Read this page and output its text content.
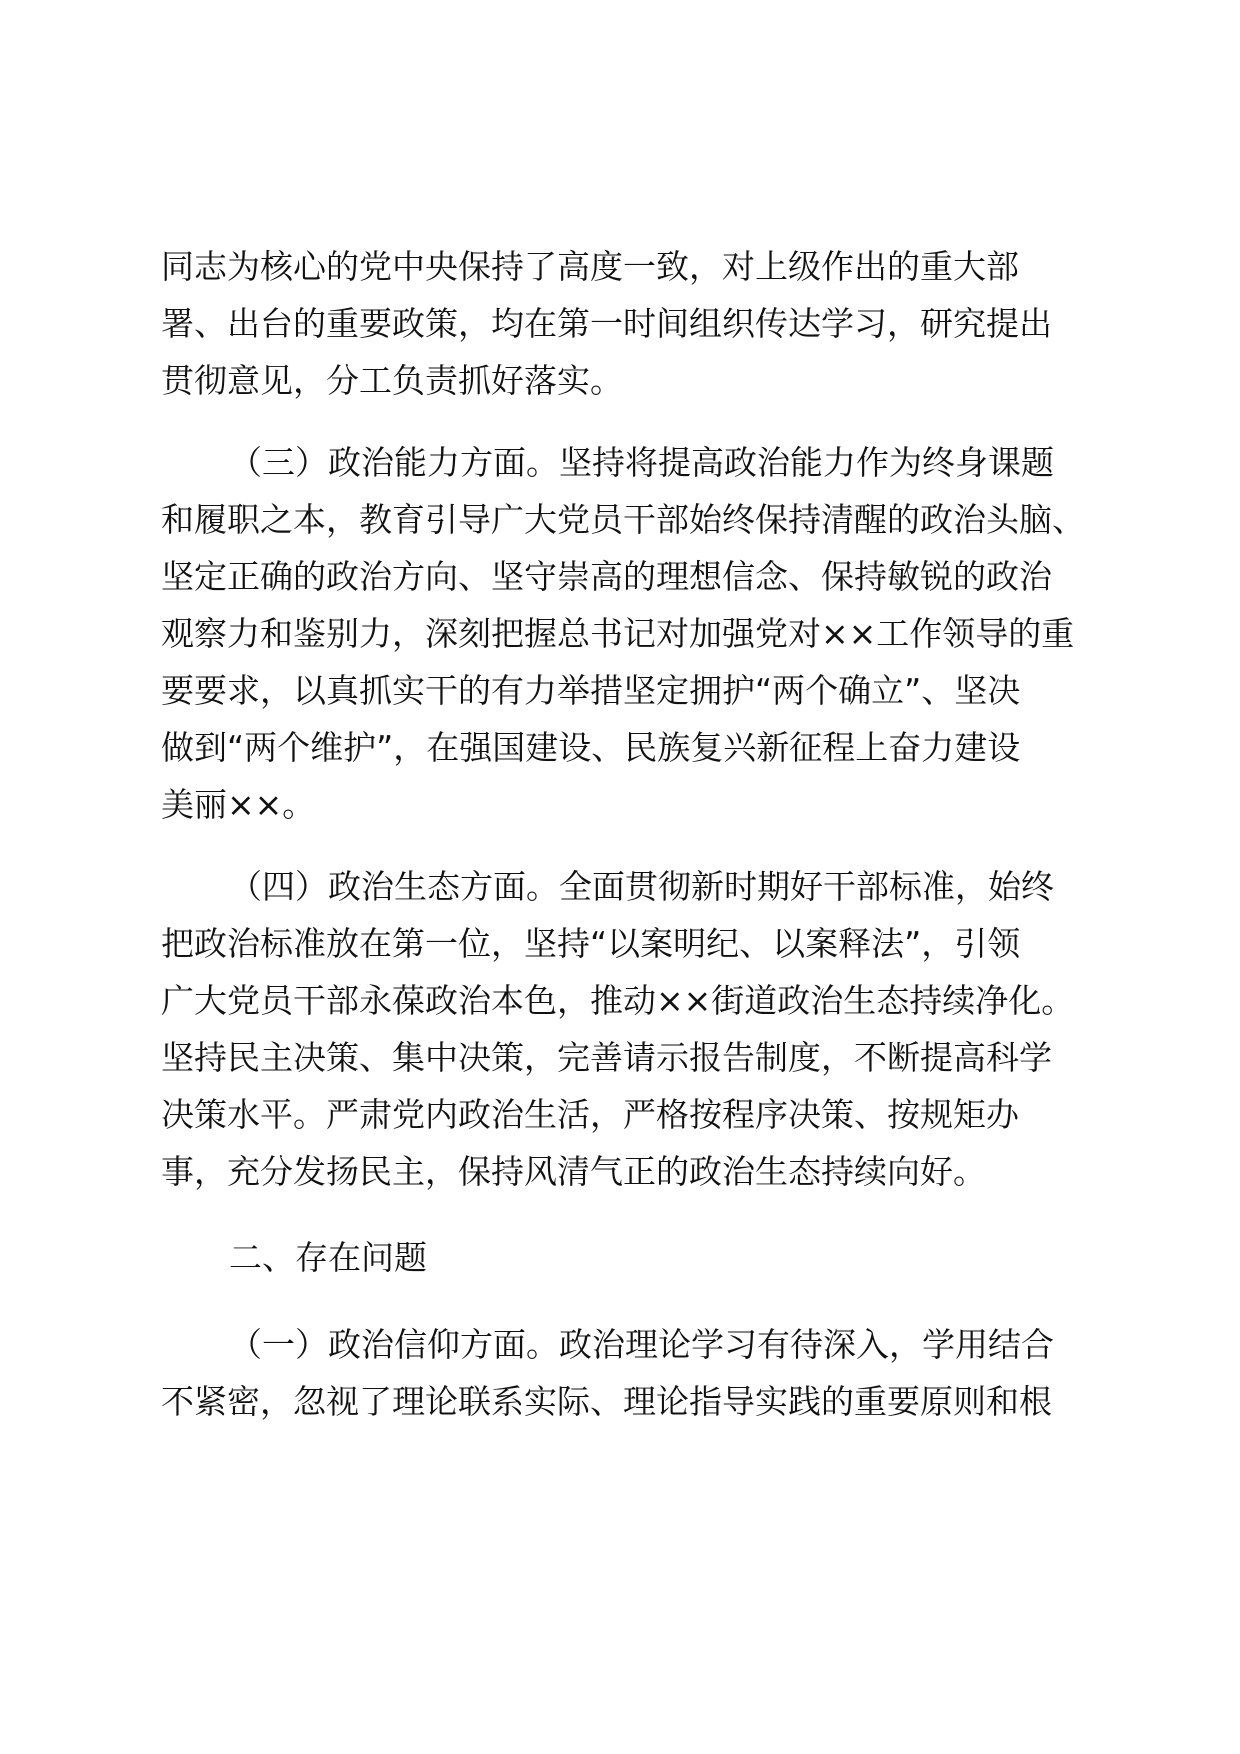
同志为核心的党中央保持了高度一致，对上级作出的重大部
署、出台的重要政策，均在第一时间组织传达学习，研究提出
贯彻意见，分工负责抓好落实。
（三）政治能力方面。坚持将提高政治能力作为终身课题
和履职之本，教育引导广大党员干部始终保持清醒的政治头脑、
坚定正确的政治方向、坚守崇高的理想信念、保持敏锐的政治
观察力和鉴别力，深刻把握总书记对加强党对××工作领导的重
要要求，以真抓实干的有力举措坚定拥护“两个确立”、坚决
做到“两个维护”，在强国建设、民族复兴新征程上奋力建设
美丽××。
（四）政治生态方面。全面贯彻新时期好干部标准，始终
把政治标准放在第一位，坚持“以案明纪、以案释法”，引领
广大党员干部永葆政治本色，推动××街道政治生态持续净化。
坚持民主决策、集中决策，完善请示报告制度，不断提高科学
决策水平。严肃党内政治生活，严格按程序决策、按规矩办
事，充分发扬民主，保持风清气正的政治生态持续向好。
二、存在问题
（一）政治信仰方面。政治理论学习有待深入，学用结合
不紧密，忽视了理论联系实际、理论指导实践的重要原则和根
